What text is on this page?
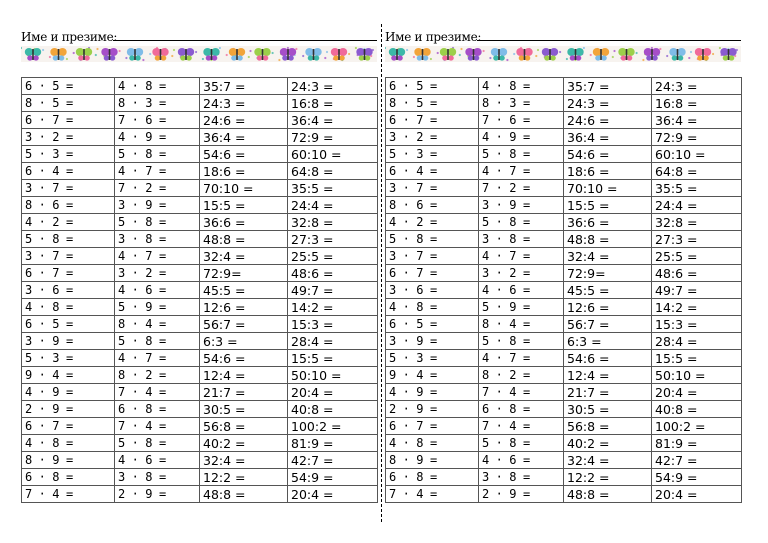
Име и презиме:
6 · 5 =	4 · 8 =	35:7 =	24:3 =
8 · 5 =	8 · 3 =	24:3 =	16:8 =
6 · 7 =	7 · 6 =	24:6 =	36:4 =
3 · 2 =	4 · 9 =	36:4 =	72:9 =
5 · 3 =	5 · 8 =	54:6 =	60:10 =
6 · 4 =	4 · 7 =	18:6 =	64:8 =
3 · 7 =	7 · 2 =	70:10 =	35:5 =
8 · 6 =	3 · 9 =	15:5 =	24:4 =
4 · 2 =	5 · 8 =	36:6 =	32:8 =
5 · 8 =	3 · 8 =	48:8 =	27:3 =
3 · 7 =	4 · 7 =	32:4 =	25:5 =
6 · 7 =	3 · 2 =	72:9=	48:6 =
3 · 6 =	4 · 6 =	45:5 =	49:7 =
4 · 8 =	5 · 9 =	12:6 =	14:2 =
6 · 5 =	8 · 4 =	56:7 =	15:3 =
3 · 9 =	5 · 8 =	6:3 =	28:4 =
5 · 3 =	4 · 7 =	54:6 =	15:5 =
9 · 4 =	8 · 2 =	12:4 =	50:10 =
4 · 9 =	7 · 4 =	21:7 =	20:4 =
2 · 9 =	6 · 8 =	30:5 =	40:8 =
6 · 7 =	7 · 4 =	56:8 =	100:2 =
4 · 8 =	5 · 8 =	40:2 =	81:9 =
8 · 9 =	4 · 6 =	32:4 =	42:7 =
6 · 8 =	3 · 8 =	12:2 =	54:9 =
7 · 4 =	2 · 9 =	48:8 =	20:4 =
Име и презиме:
6 · 5 =	4 · 8 =	35:7 =	24:3 =
8 · 5 =	8 · 3 =	24:3 =	16:8 =
6 · 7 =	7 · 6 =	24:6 =	36:4 =
3 · 2 =	4 · 9 =	36:4 =	72:9 =
5 · 3 =	5 · 8 =	54:6 =	60:10 =
6 · 4 =	4 · 7 =	18:6 =	64:8 =
3 · 7 =	7 · 2 =	70:10 =	35:5 =
8 · 6 =	3 · 9 =	15:5 =	24:4 =
4 · 2 =	5 · 8 =	36:6 =	32:8 =
5 · 8 =	3 · 8 =	48:8 =	27:3 =
3 · 7 =	4 · 7 =	32:4 =	25:5 =
6 · 7 =	3 · 2 =	72:9=	48:6 =
3 · 6 =	4 · 6 =	45:5 =	49:7 =
4 · 8 =	5 · 9 =	12:6 =	14:2 =
6 · 5 =	8 · 4 =	56:7 =	15:3 =
3 · 9 =	5 · 8 =	6:3 =	28:4 =
5 · 3 =	4 · 7 =	54:6 =	15:5 =
9 · 4 =	8 · 2 =	12:4 =	50:10 =
4 · 9 =	7 · 4 =	21:7 =	20:4 =
2 · 9 =	6 · 8 =	30:5 =	40:8 =
6 · 7 =	7 · 4 =	56:8 =	100:2 =
4 · 8 =	5 · 8 =	40:2 =	81:9 =
8 · 9 =	4 · 6 =	32:4 =	42:7 =
6 · 8 =	3 · 8 =	12:2 =	54:9 =
7 · 4 =	2 · 9 =	48:8 =	20:4 =
